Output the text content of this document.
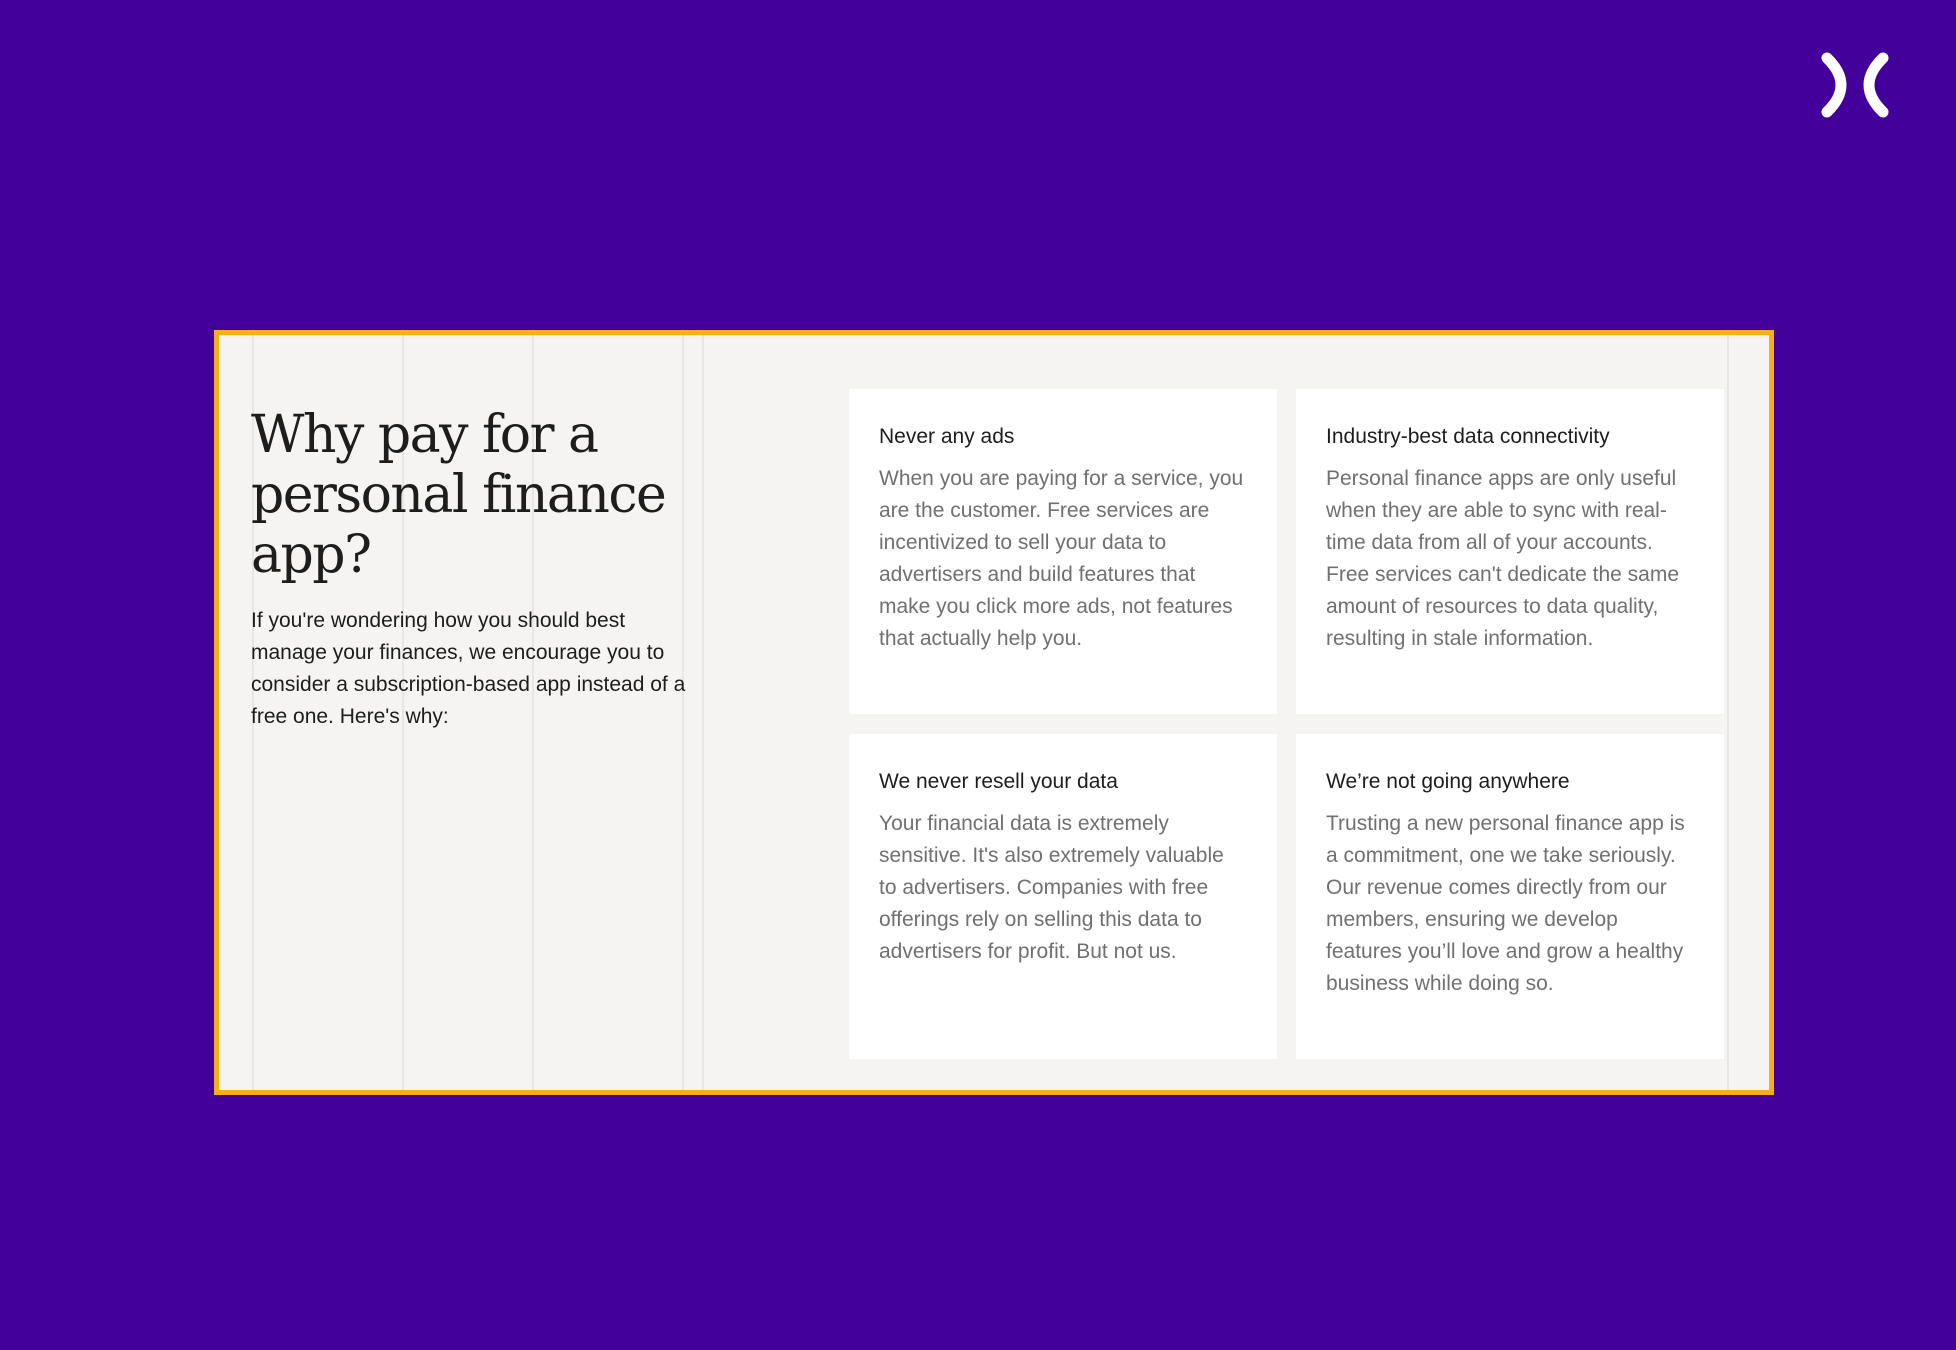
Why pay for a
personal finance
app?

If you're wondering how you should best manage your finances, we encourage you to consider a subscription-based app instead of a free one. Here's why:

Never any ads

When you are paying for a service, you are the customer. Free services are incentivized to sell your data to advertisers and build features that make you click more ads, not features that actually help you.

Industry-best data connectivity

Personal finance apps are only useful when they are able to sync with real-time data from all of your accounts. Free services can't dedicate the same amount of resources to data quality, resulting in stale information.

We never resell your data

Your financial data is extremely sensitive. It's also extremely valuable to advertisers. Companies with free offerings rely on selling this data to advertisers for profit. But not us.

We’re not going anywhere

Trusting a new personal finance app is a commitment, one we take seriously. Our revenue comes directly from our members, ensuring we develop features you’ll love and grow a healthy business while doing so.
